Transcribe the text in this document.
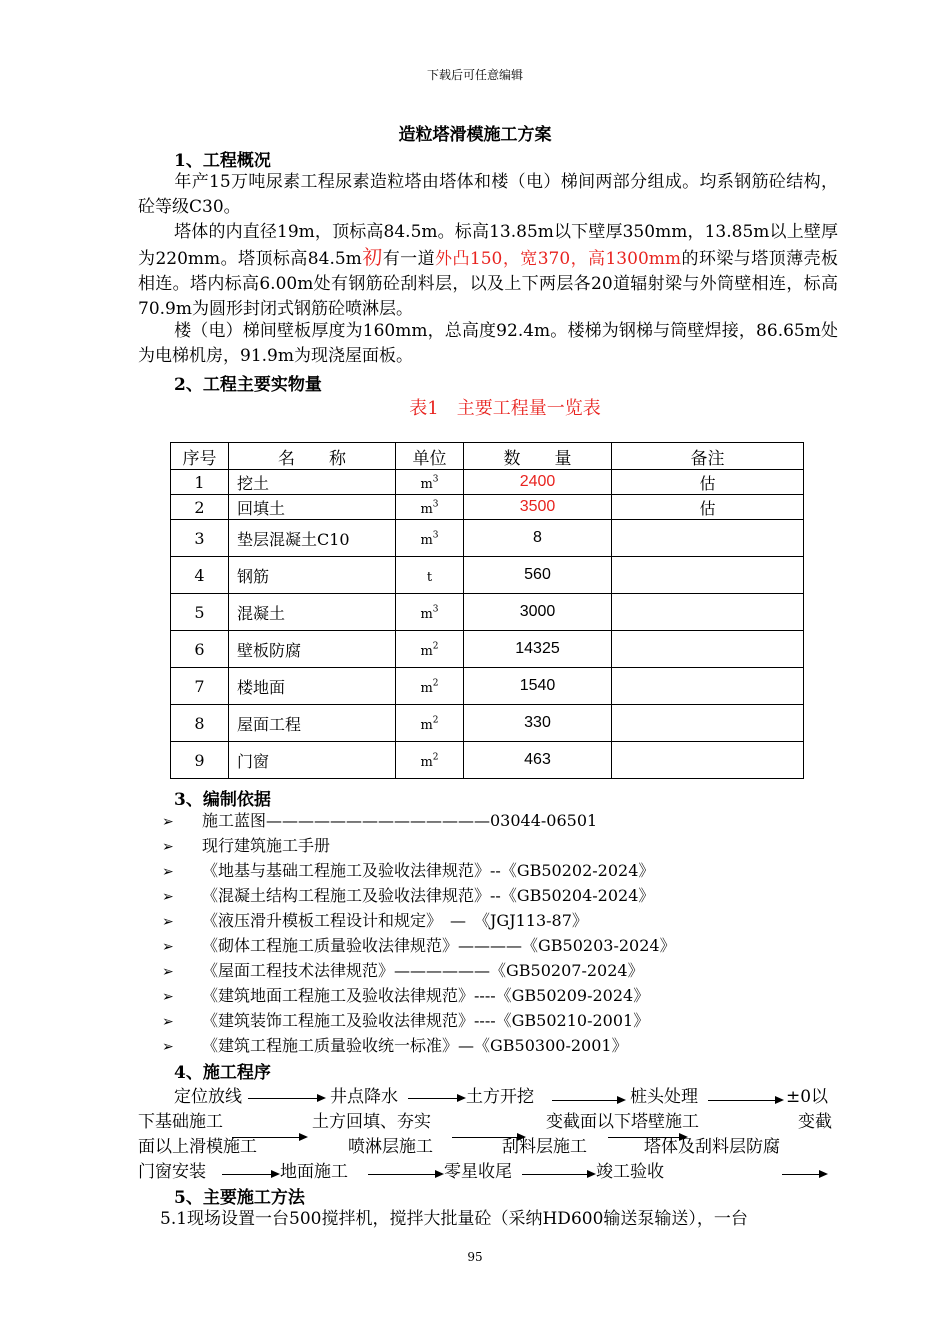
下载后可任意编辑
造粒塔滑模施工方案
1、工程概况
年产15万吨尿素工程尿素造粒塔由塔体和楼（电）梯间两部分组成。均系钢筋砼结构，砼等级C30。
塔体的内直径19m，顶标高84.5m。标高13.85m以下壁厚350mm，13.85m以上壁厚为220mm。塔顶标高84.5m初有一道外凸150，宽370，高1300mm的环梁与塔顶薄壳板相连。塔内标高6.00m处有钢筋砼刮料层，以及上下两层各20道辐射梁与外筒壁相连，标高70.9m为圆形封闭式钢筋砼喷淋层。
楼（电）梯间壁板厚度为160mm，总高度92.4m。楼梯为钢梯与筒壁焊接，86.65m处为电梯机房，91.9m为现浇屋面板。
2、工程主要实物量
表1　主要工程量一览表
序号	名　　称	单位	数　　量	备注
1	挖土	$m^3$	2400	估
2	回填土	$m^3$	3500	估
3	垫层混凝土C10	$m^3$	8	
4	钢筋	t	560	
5	混凝土	$m^3$	3000	
6	壁板防腐	$m^2$	14325	
7	楼地面	$m^2$	1540	
8	屋面工程	$m^2$	330	
9	门窗	$m^2$	463	
3、编制依据
➢ 施工蓝图——————————————03044-06501
➢ 现行建筑施工手册
➢ 《地基与基础工程施工及验收法律规范》--《GB50202-2024》
➢ 《混凝土结构工程施工及验收法律规范》--《GB50204-2024》
➢ 《液压滑升模板工程设计和规定》　—　《JGJ113-87》
➢ 《砌体工程施工质量验收法律规范》————《GB50203-2024》
➢ 《屋面工程技术法律规范》——————《GB50207-2024》
➢ 《建筑地面工程施工及验收法律规范》----《GB50209-2024》
➢ 《建筑装饰工程施工及验收法律规范》----《GB50210-2001》
➢ 《建筑工程施工质量验收统一标准》—《GB50300-2001》
4、施工程序
定位放线	井点降水	土方开挖	桩头处理	±0以
下基础施工	土方回填、夯实	变截面以下塔壁施工	变截
面以上滑模施工	喷淋层施工	刮料层施工	塔体及刮料层防腐
门窗安装	地面施工	零星收尾	竣工验收
5、主要施工方法
5.1现场设置一台500搅拌机，搅拌大批量砼（采纳HD600输送泵输送），一台
95
